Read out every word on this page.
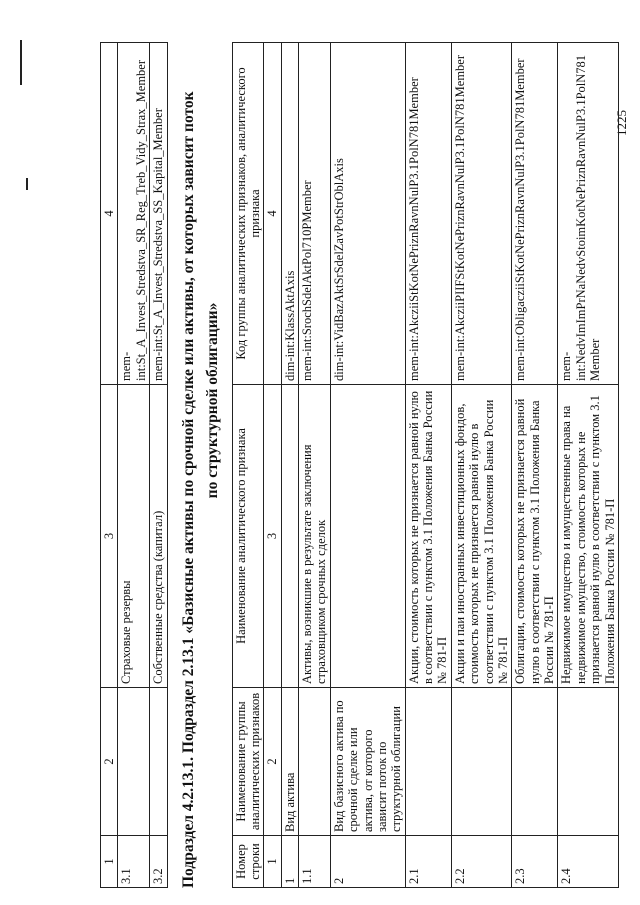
1225
1	2	3	4
3.1		Страховые резервы	mem-int:St_A_Invest_Stredstva_SR_Reg_Treb_Vidy_Strax_Member
3.2		Собственные средства (капитал)	mem-int:St_A_Invest_Stredstva_SS_Kapital_Member Подраздел 4.2.13.1. Подраздел 2.13.1 «Базисные активы по срочной сделке или активы, от которых зависит поток по структурной облигации»
Номер строки	Наименование группы аналитических признаков	Наименование аналитического признака	Код группы аналитических признаков, аналитического признака
1	2	3	4
1	Вид актива		dim-int:KlassAktAxis
1.1		Активы, возникшие в результате заключения страховщиком срочных сделок	mem-int:SrochSdelAktPol710PMember
2	Вид базисного актива по срочной сделке или актива, от которого зависит поток по структурной облигации		dim-int:VidBazAktSrSdelZavPotStrOblAxis
2.1		Акции, стоимость которых не признается равной нулю в соответствии с пунктом 3.1 Положения Банка России № 781-П	mem-int:AkcziiStKotNePriznRavnNulP3.1PolN781Member
2.2		Акции и паи иностранных инвестиционных фондов, стоимость которых не признается равной нулю в соответствии с пунктом 3.1 Положения Банка России № 781-П	mem-int:AkcziiPIIFStKotNePriznRavnNulP3.1PolN781Member
2.3		Облигации, стоимость которых не признается равной нулю в соответствии с пунктом 3.1 Положения Банка России № 781-П	mem-int:ObligacziiStKotNePriznRavnNulP3.1PolN781Member
2.4		Недвижимое имущество и имущественные права на недвижимое имущество, стоимость которых не признается равной нулю в соответствии с пунктом 3.1 Положения Банка России № 781-П	mem-int:NedvImImPrNaNedvStoimKotNePriznRavnNulP3.1PolN781Member
